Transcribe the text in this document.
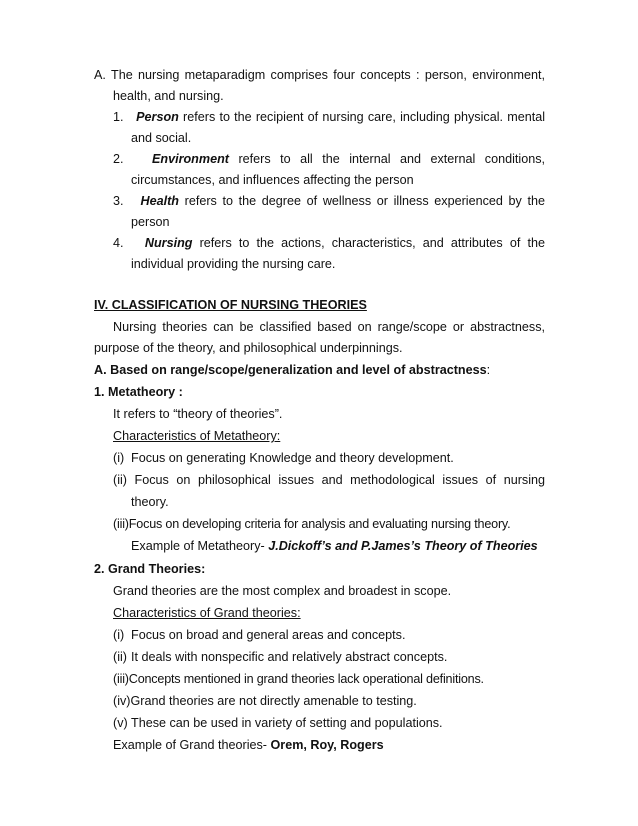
A. The nursing metaparadigm comprises four concepts : person, environment,
health, and nursing.
1. Person refers to the recipient of nursing care, including physical. mental
and social.
2. Environment refers to all the internal and external conditions,
circumstances, and influences affecting the person
3. Health refers to the degree of wellness or illness experienced by the
person
4. Nursing refers to the actions, characteristics, and attributes of the
individual providing the nursing care.
IV. CLASSIFICATION OF NURSING THEORIES
Nursing theories can be classified based on range/scope or abstractness,
purpose of the theory, and philosophical underpinnings.
A. Based on range/scope/generalization and level of abstractness:
1. Metatheory :
It refers to “theory of theories”.
Characteristics of Metatheory:
(i) Focus on generating Knowledge and theory development.
(ii) Focus on philosophical issues and methodological issues of nursing
theory.
(iii)Focus on developing criteria for analysis and evaluating nursing theory.
Example of Metatheory- J.Dickoff’s and P.James’s Theory of Theories
2. Grand Theories:
Grand theories are the most complex and broadest in scope.
Characteristics of Grand theories:
(i) Focus on broad and general areas and concepts.
(ii) It deals with nonspecific and relatively abstract concepts.
(iii)Concepts mentioned in grand theories lack operational definitions.
(iv)Grand theories are not directly amenable to testing.
(v) These can be used in variety of setting and populations.
Example of Grand theories- Orem, Roy, Rogers
